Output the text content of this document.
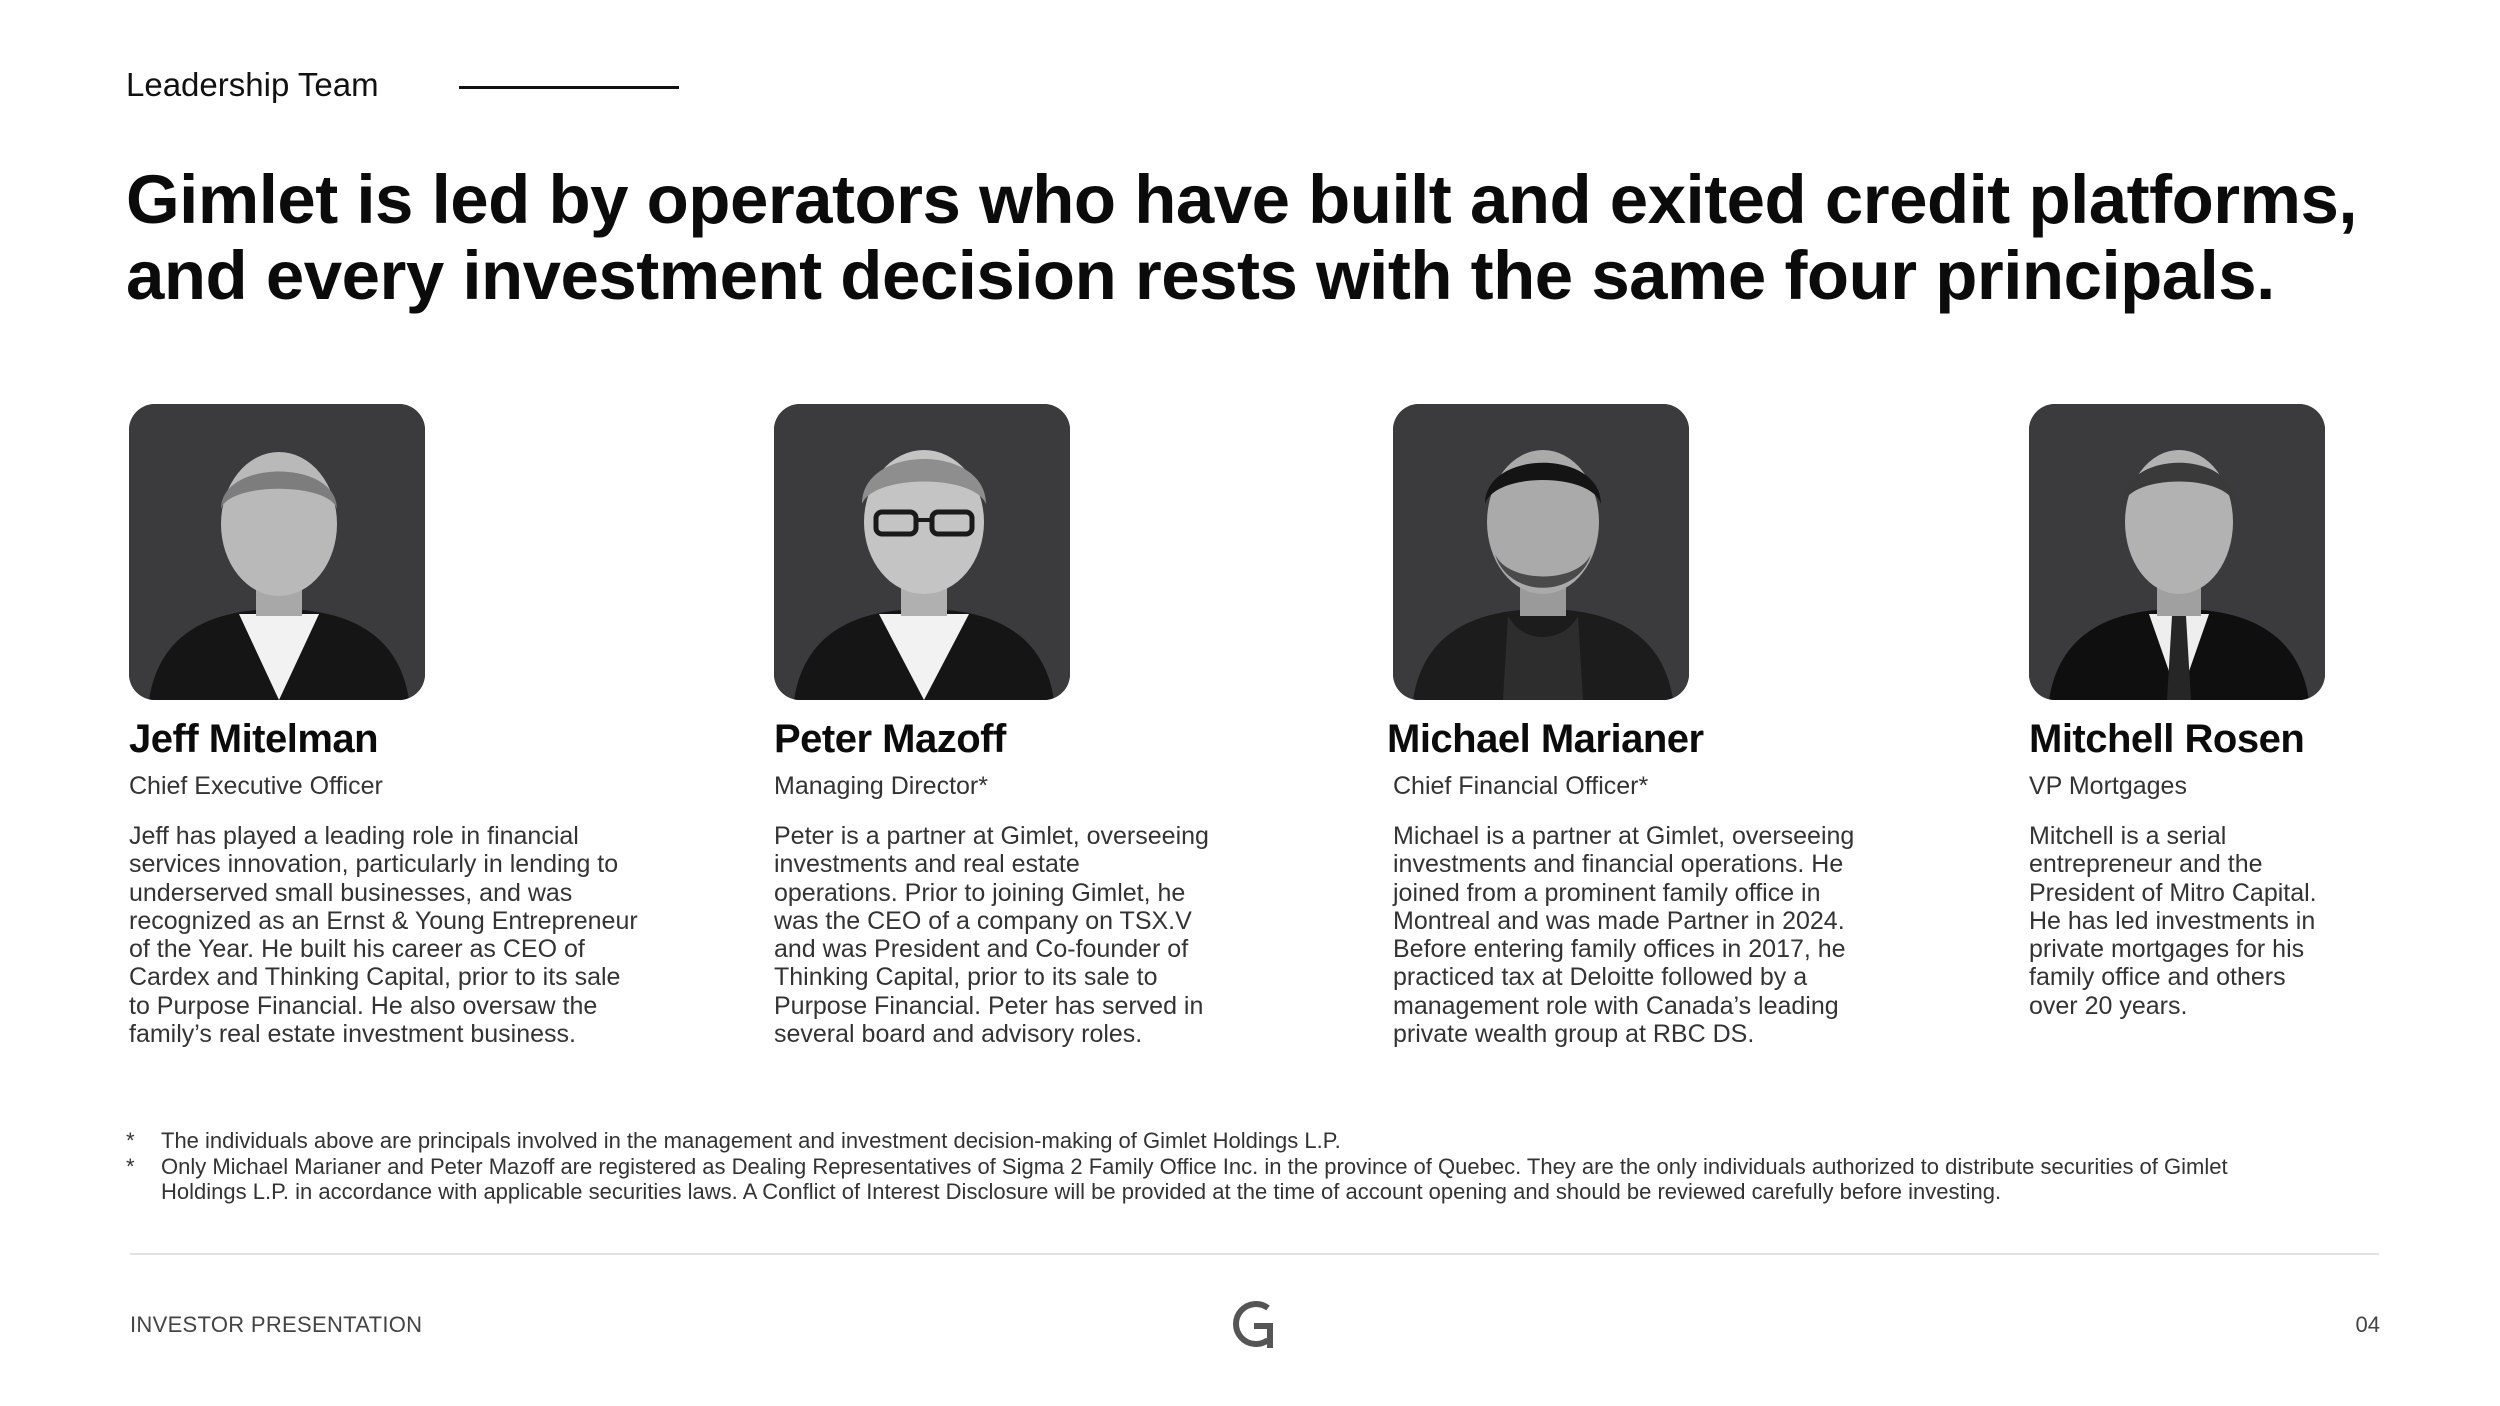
Leadership Team
Gimlet is led by operators who have built and exited credit platforms,
and every investment decision rests with the same four principals.
Jeff Mitelman
Chief Executive Officer
Jeff has played a leading role in financial
services innovation, particularly in lending to
underserved small businesses, and was
recognized as an Ernst & Young Entrepreneur
of the Year. He built his career as CEO of
Cardex and Thinking Capital, prior to its sale
to Purpose Financial. He also oversaw the
family’s real estate investment business.
Peter Mazoff
Managing Director*
Peter is a partner at Gimlet, overseeing
investments and real estate
operations. Prior to joining Gimlet, he
was the CEO of a company on TSX.V
and was President and Co-founder of
Thinking Capital, prior to its sale to
Purpose Financial. Peter has served in
several board and advisory roles.
Michael Marianer
Chief Financial Officer*
Michael is a partner at Gimlet, overseeing
investments and financial operations. He
joined from a prominent family office in
Montreal and was made Partner in 2024.
Before entering family offices in 2017, he
practiced tax at Deloitte followed by a
management role with Canada’s leading
private wealth group at RBC DS.
Mitchell Rosen
VP Mortgages
Mitchell is a serial
entrepreneur and the
President of Mitro Capital.
He has led investments in
private mortgages for his
family office and others
over 20 years.
* The individuals above are principals involved in the management and investment decision-making of Gimlet Holdings L.P.
* Only Michael Marianer and Peter Mazoff are registered as Dealing Representatives of Sigma 2 Family Office Inc. in the province of Quebec. They are the only individuals authorized to distribute securities of Gimlet
Holdings L.P. in accordance with applicable securities laws. A Conflict of Interest Disclosure will be provided at the time of account opening and should be reviewed carefully before investing.
INVESTOR PRESENTATION	04
